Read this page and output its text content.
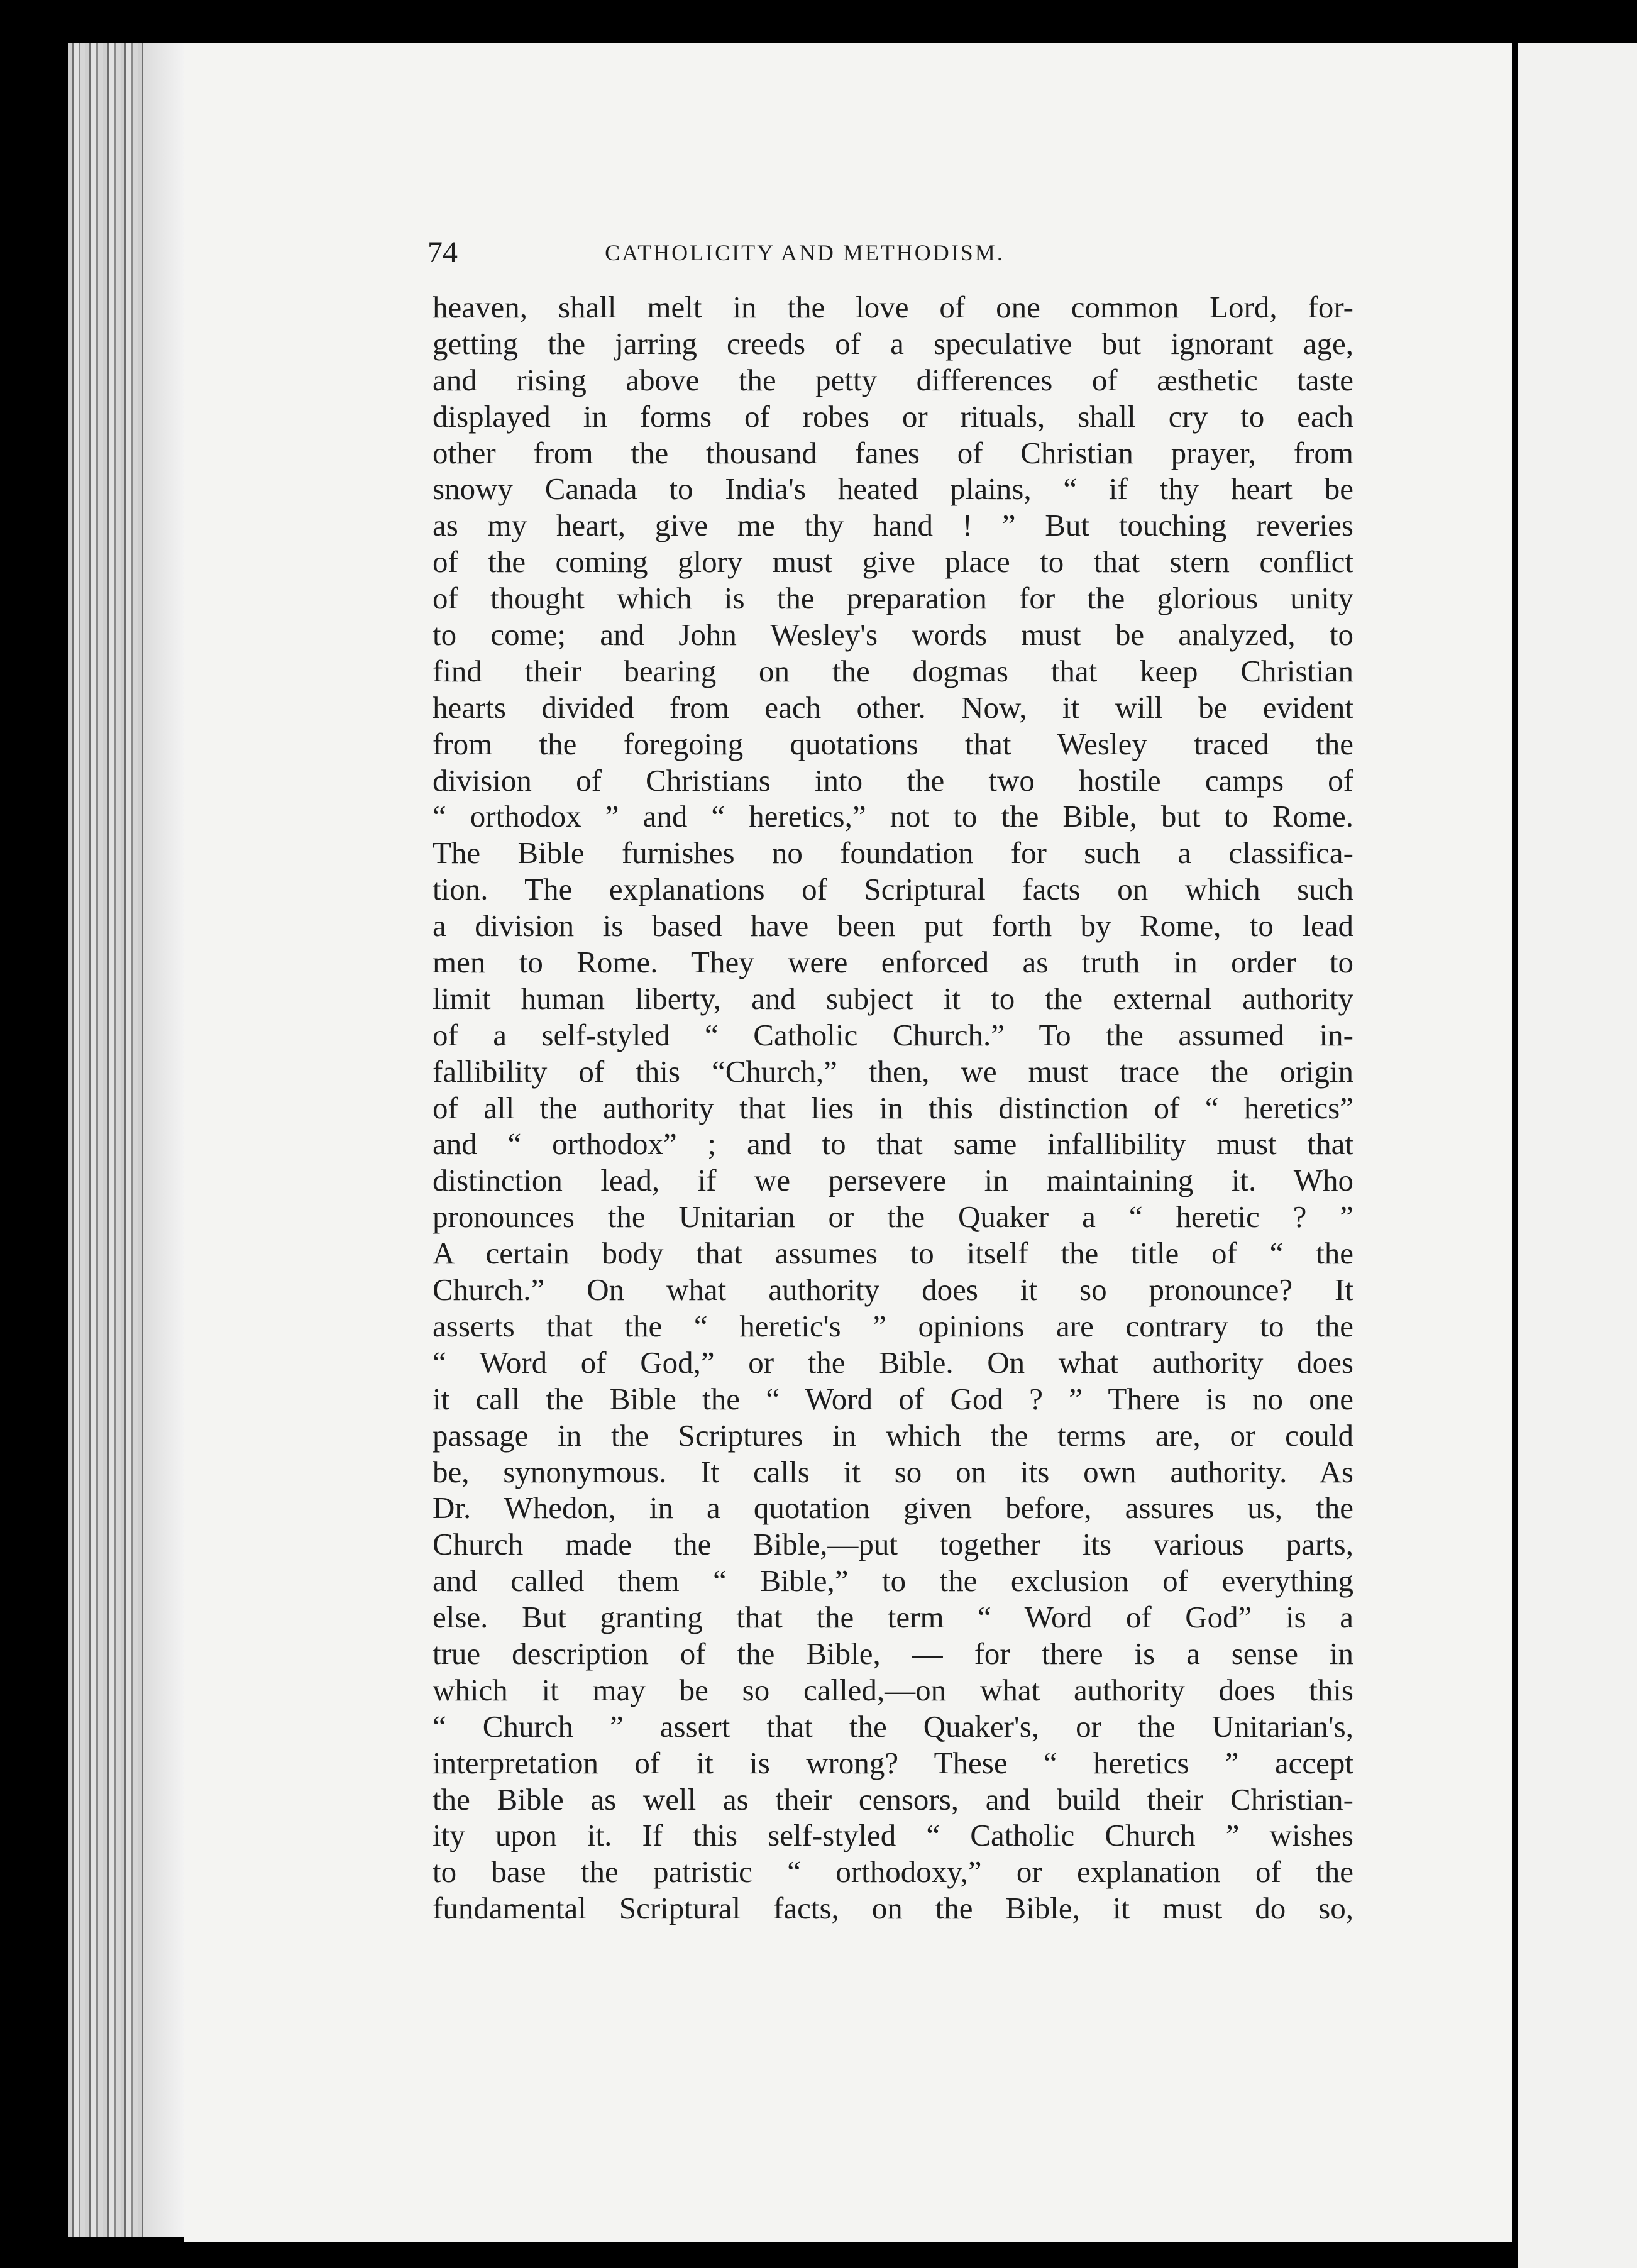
74	CATHOLICITY AND METHODISM.
heaven, shall melt in the love of one common Lord, for-
getting the jarring creeds of a speculative but ignorant age,
and rising above the petty differences of æsthetic taste
displayed in forms of robes or rituals, shall cry to each
other from the thousand fanes of Christian prayer, from
snowy Canada to India's heated plains, “ if thy heart be
as my heart, give me thy hand ! ” But touching reveries
of the coming glory must give place to that stern conflict
of thought which is the preparation for the glorious unity
to come; and John Wesley's words must be analyzed, to
find their bearing on the dogmas that keep Christian
hearts divided from each other. Now, it will be evident
from the foregoing quotations that Wesley traced the
division of Christians into the two hostile camps of
“ orthodox ” and “ heretics,” not to the Bible, but to Rome.
The Bible furnishes no foundation for such a classifica-
tion. The explanations of Scriptural facts on which such
a division is based have been put forth by Rome, to lead
men to Rome. They were enforced as truth in order to
limit human liberty, and subject it to the external authority
of a self-styled “ Catholic Church.” To the assumed in-
fallibility of this “Church,” then, we must trace the origin
of all the authority that lies in this distinction of “ heretics”
and “ orthodox” ; and to that same infallibility must that
distinction lead, if we persevere in maintaining it. Who
pronounces the Unitarian or the Quaker a “ heretic ? ”
A certain body that assumes to itself the title of “ the
Church.” On what authority does it so pronounce? It
asserts that the “ heretic's ” opinions are contrary to the
“ Word of God,” or the Bible. On what authority does
it call the Bible the “ Word of God ? ” There is no one
passage in the Scriptures in which the terms are, or could
be, synonymous. It calls it so on its own authority. As
Dr. Whedon, in a quotation given before, assures us, the
Church made the Bible,—put together its various parts,
and called them “ Bible,” to the exclusion of everything
else. But granting that the term “ Word of God” is a
true description of the Bible, — for there is a sense in
which it may be so called,—on what authority does this
“ Church ” assert that the Quaker's, or the Unitarian's,
interpretation of it is wrong? These “ heretics ” accept
the Bible as well as their censors, and build their Christian-
ity upon it. If this self-styled “ Catholic Church ” wishes
to base the patristic “ orthodoxy,” or explanation of the
fundamental Scriptural facts, on the Bible, it must do so,
